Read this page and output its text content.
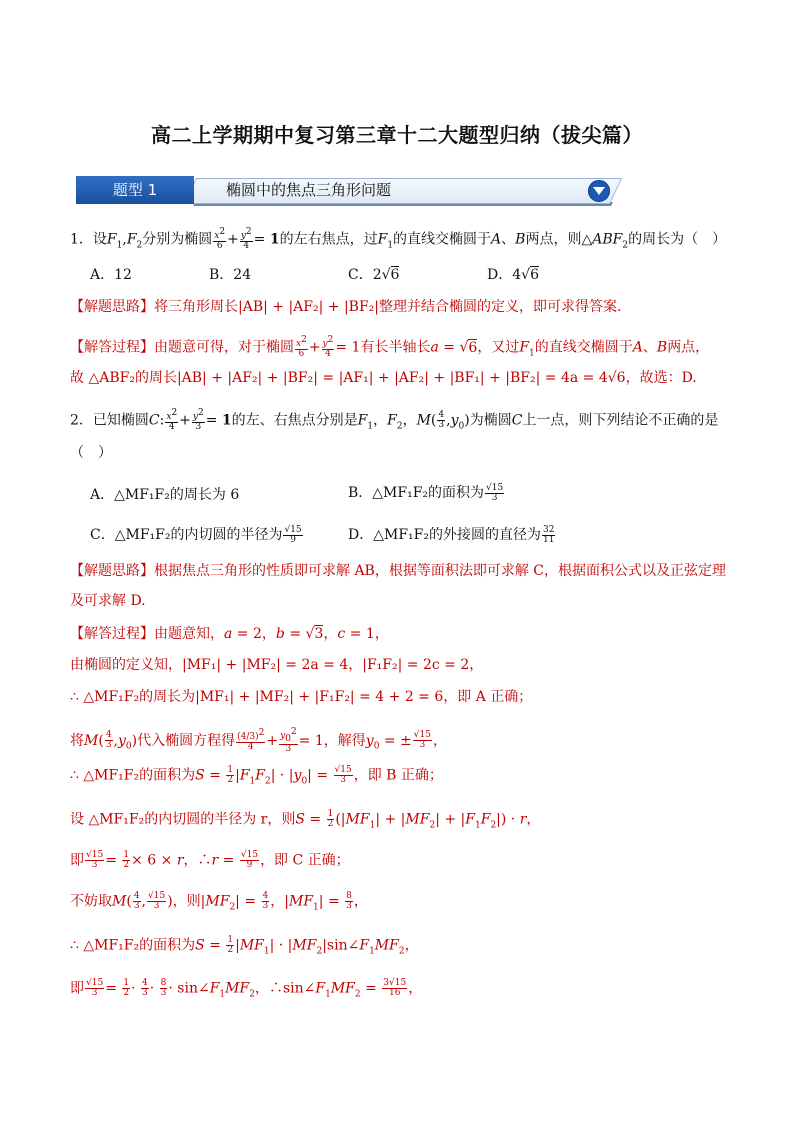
高二上学期期中复习第三章十二大题型归纳（拔尖篇）
题型 1	椭圆中的焦点三角形问题
1．设$F_1,F_2$分别为椭圆 $\frac{x^2}{6} + \frac{y^2}{4} = 1$的左右焦点，过$F_1$的直线交椭圆于A、B两点，则$\triangle ABF_2$的周长为（　）
A．12	B．24	C．2√6	D．4√6
【解题思路】将三角形周长|AB| + |AF₂| + |BF₂|整理并结合椭圆的定义，即可求得答案.
【解答过程】由题意可得，对于椭圆 $\frac{x^2}{6} + \frac{y^2}{4} = 1$有长半轴长a = √6，又过$F_1$的直线交椭圆于A、B两点，
故 △ABF₂的周长|AB| + |AF₂| + |BF₂| = |AF₁| + |AF₂| + |BF₁| + |BF₂| = 4a = 4√6，故选：D.
2．已知椭圆C: $\frac{x^2}{4} + \frac{y^2}{3} = 1$的左、右焦点分别是$F_1$，$F_2$，$M( \frac{4}{3} ,y_0)$为椭圆C上一点，则下列结论不正确的是
（　）
A．△MF₁F₂的周长为 6	B．△MF₁F₂的面积为 $\frac{√15}{3}$
C．△MF₁F₂的内切圆的半径为 $\frac{√15}{9}$	D．△MF₁F₂的外接圆的直径为 $\frac{32}{11}$
【解题思路】根据焦点三角形的性质即可求解 AB，根据等面积法即可求解 C，根据面积公式以及正弦定理
及可求解 D.
【解答过程】由题意知，a = 2，b = √3，c = 1，
由椭圆的定义知，|MF₁| + |MF₂| = 2a = 4，|F₁F₂| = 2c = 2，
∴ △MF₁F₂的周长为|MF₁| + |MF₂| + |F₁F₂| = 4 + 2 = 6，即 A 正确；
将$M( \frac{4}{3} ,y_0)$代入椭圆方程得 $\frac{(4/3)^2}{4} + \frac{y_0^2}{3} = 1$，解得$y_0$ = ± $\frac{√15}{3}$ ，
∴ △MF₁F₂的面积为$S = \frac{1}{2} |F_1F_2| \cdot |y_0| = \frac{√15}{3}$ ，即 B 正确；
设 △MF₁F₂的内切圆的半径为 r，则$S = \frac{1}{2} (|MF_1| + |MF_2| + |F_1F_2|) \cdot r$，
即 $\frac{√15}{3} = \frac{1}{2} \times 6 \times r$，∴r = $\frac{√15}{9}$ ，即 C 正确；
不妨取$M( \frac{4}{3}$ , $\frac{√15}{3}$ )，则$|MF_2| = \frac{4}{3}$ ，$|MF_1| = \frac{8}{3}$ ，
∴ △MF₁F₂的面积为$S = \frac{1}{2} |MF_1|$ · $|MF_2|\sin\angle F_1MF_2$，
即 $\frac{√15}{3} = \frac{1}{2} \cdot \frac{4}{3} \cdot \frac{8}{3}$ · $\sin\angle F_1MF_2$，$\therefore\sin\angle F_1MF_2 = \frac{3√15}{16}$ ，
